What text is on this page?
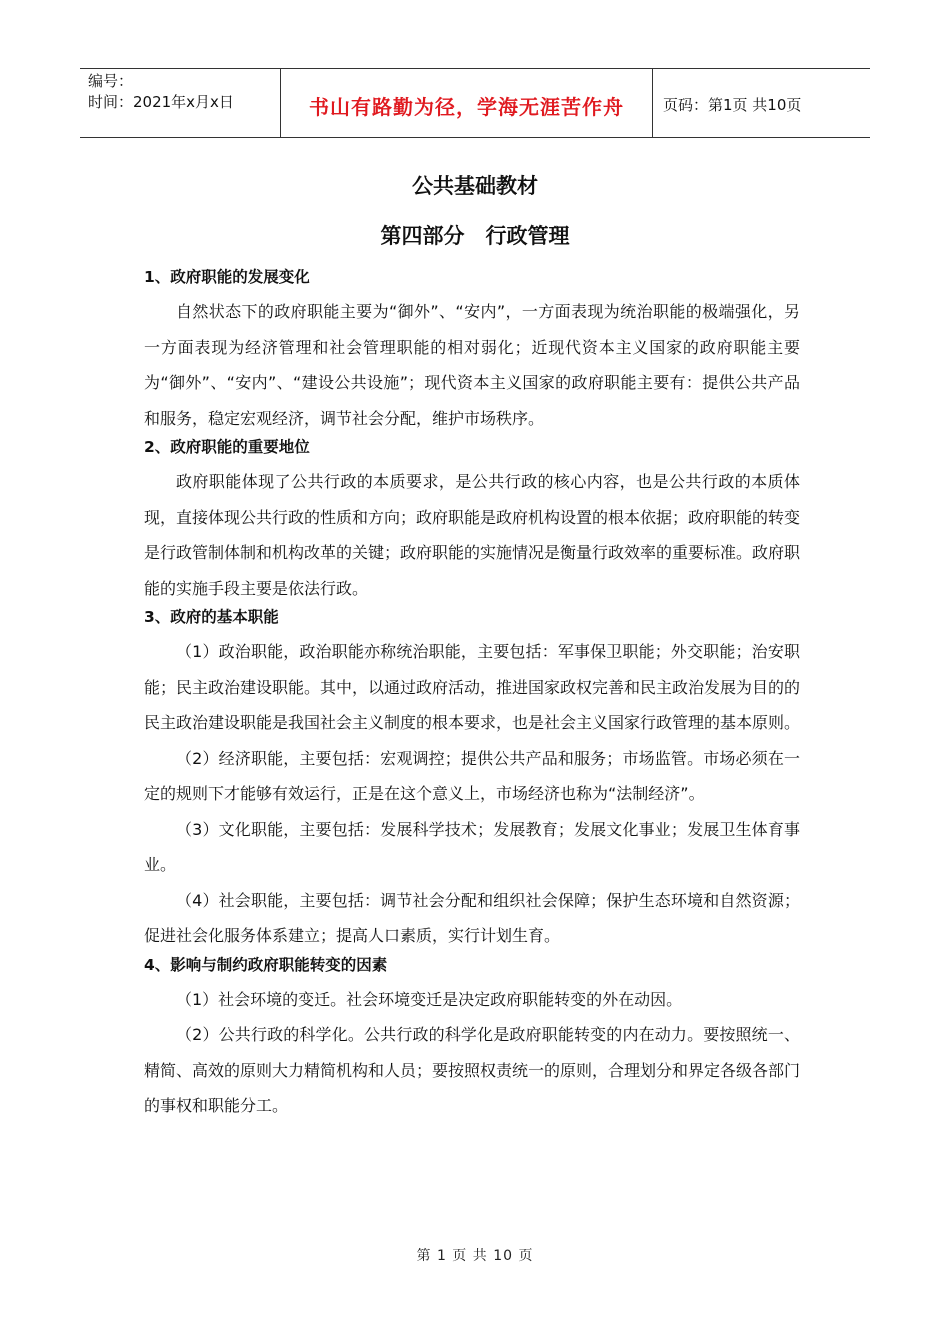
编号：
时间：2021年x月x日	书山有路勤为径，学海无涯苦作舟	页码：第1页 共10页
公共基础教材
第四部分　行政管理
1、政府职能的发展变化

自然状态下的政府职能主要为“御外”、“安内”，一方面表现为统治职能的极端强化，另一方面表现为经济管理和社会管理职能的相对弱化；近现代资本主义国家的政府职能主要为“御外”、“安内”、“建设公共设施”；现代资本主义国家的政府职能主要有：提供公共产品和服务，稳定宏观经济，调节社会分配，维护市场秩序。

2、政府职能的重要地位

政府职能体现了公共行政的本质要求，是公共行政的核心内容，也是公共行政的本质体现，直接体现公共行政的性质和方向；政府职能是政府机构设置的根本依据；政府职能的转变是行政管制体制和机构改革的关键；政府职能的实施情况是衡量行政效率的重要标准。政府职能的实施手段主要是依法行政。

3、政府的基本职能

（1）政治职能，政治职能亦称统治职能，主要包括：军事保卫职能；外交职能；治安职能；民主政治建设职能。其中，以通过政府活动，推进国家政权完善和民主政治发展为目的的民主政治建设职能是我国社会主义制度的根本要求，也是社会主义国家行政管理的基本原则。

（2）经济职能，主要包括：宏观调控；提供公共产品和服务；市场监管。市场必须在一定的规则下才能够有效运行，正是在这个意义上，市场经济也称为“法制经济”。

（3）文化职能，主要包括：发展科学技术；发展教育；发展文化事业；发展卫生体育事业。

（4）社会职能，主要包括：调节社会分配和组织社会保障；保护生态环境和自然资源；促进社会化服务体系建立；提高人口素质，实行计划生育。

4、影响与制约政府职能转变的因素

（1）社会环境的变迁。社会环境变迁是决定政府职能转变的外在动因。

（2）公共行政的科学化。公共行政的科学化是政府职能转变的内在动力。要按照统一、精简、高效的原则大力精简机构和人员；要按照权责统一的原则，合理划分和界定各级各部门的事权和职能分工。

第 1 页 共 10 页
